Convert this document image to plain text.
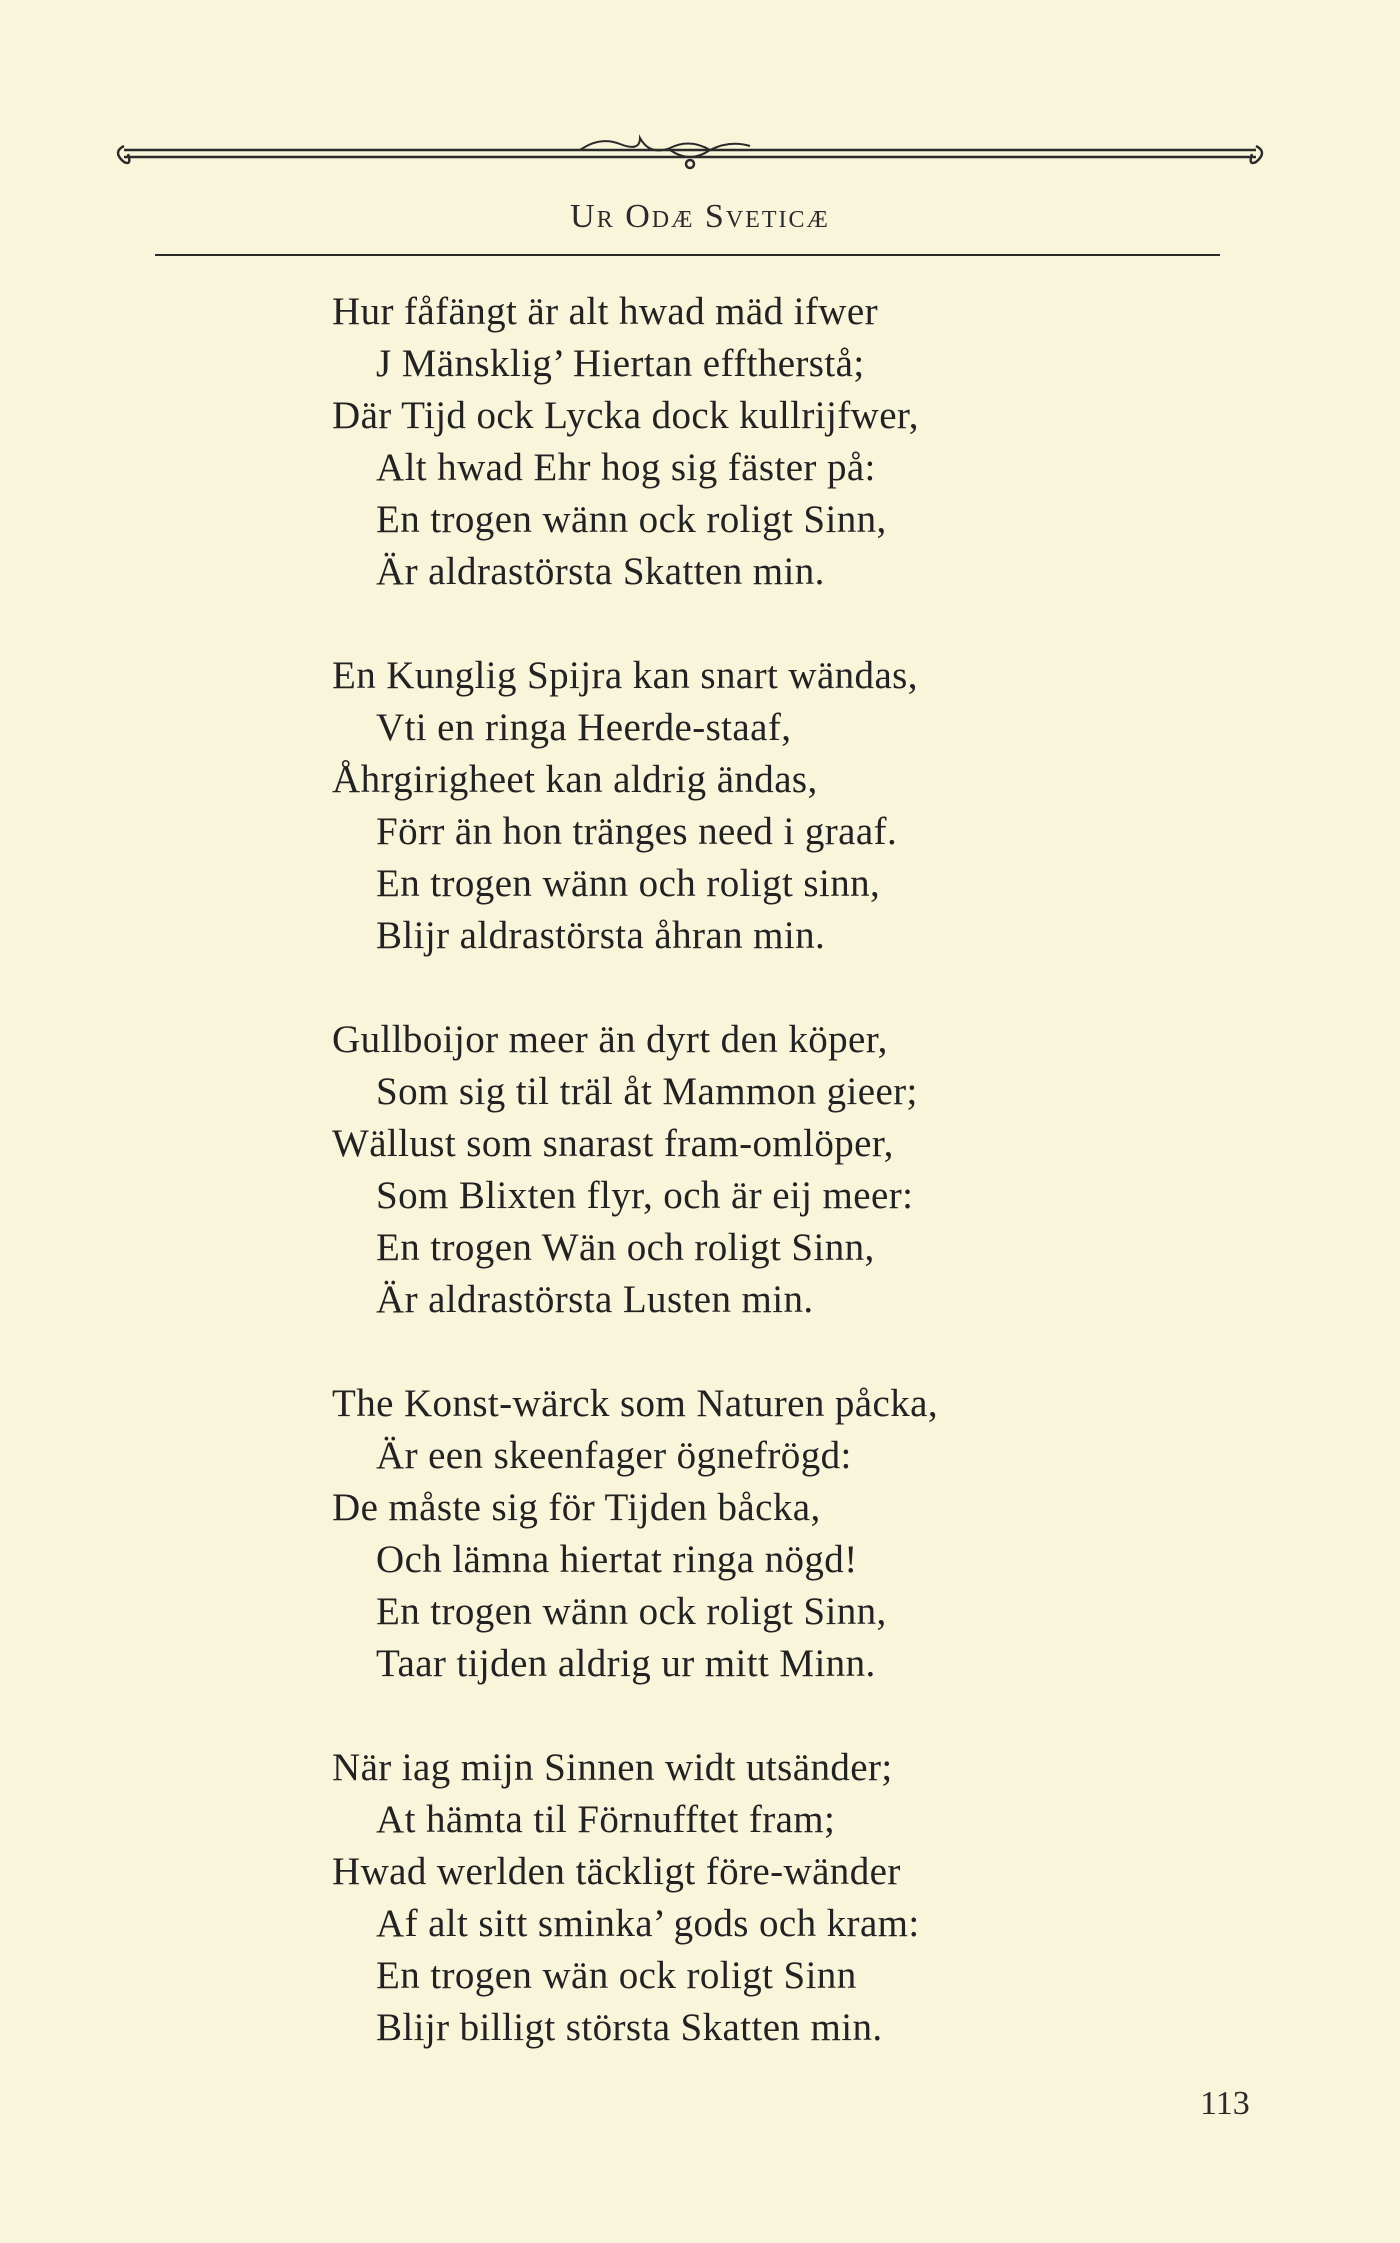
Ur Odæ Sveticæ
Hur fåfängt är alt hwad mäd ifwer
J Mänsklig’ Hiertan efftherstå;
Där Tijd ock Lycka dock kullrijfwer,
Alt hwad Ehr hog sig fäster på:
En trogen wänn ock roligt Sinn,
Är aldrastörsta Skatten min.
En Kunglig Spijra kan snart wändas,
Vti en ringa Heerde-staaf,
Åhrgirigheet kan aldrig ändas,
Förr än hon tränges need i graaf.
En trogen wänn och roligt sinn,
Blijr aldrastörsta åhran min.
Gullboijor meer än dyrt den köper,
Som sig til träl åt Mammon gieer;
Wällust som snarast fram-omlöper,
Som Blixten flyr, och är eij meer:
En trogen Wän och roligt Sinn,
Är aldrastörsta Lusten min.
The Konst-wärck som Naturen påcka,
Är een skeenfager ögnefrögd:
De måste sig för Tijden båcka,
Och lämna hiertat ringa nögd!
En trogen wänn ock roligt Sinn,
Taar tijden aldrig ur mitt Minn.
När iag mijn Sinnen widt utsänder;
At hämta til Förnufftet fram;
Hwad werlden täckligt före-wänder
Af alt sitt sminka’ gods och kram:
En trogen wän ock roligt Sinn
Blijr billigt största Skatten min.
113
